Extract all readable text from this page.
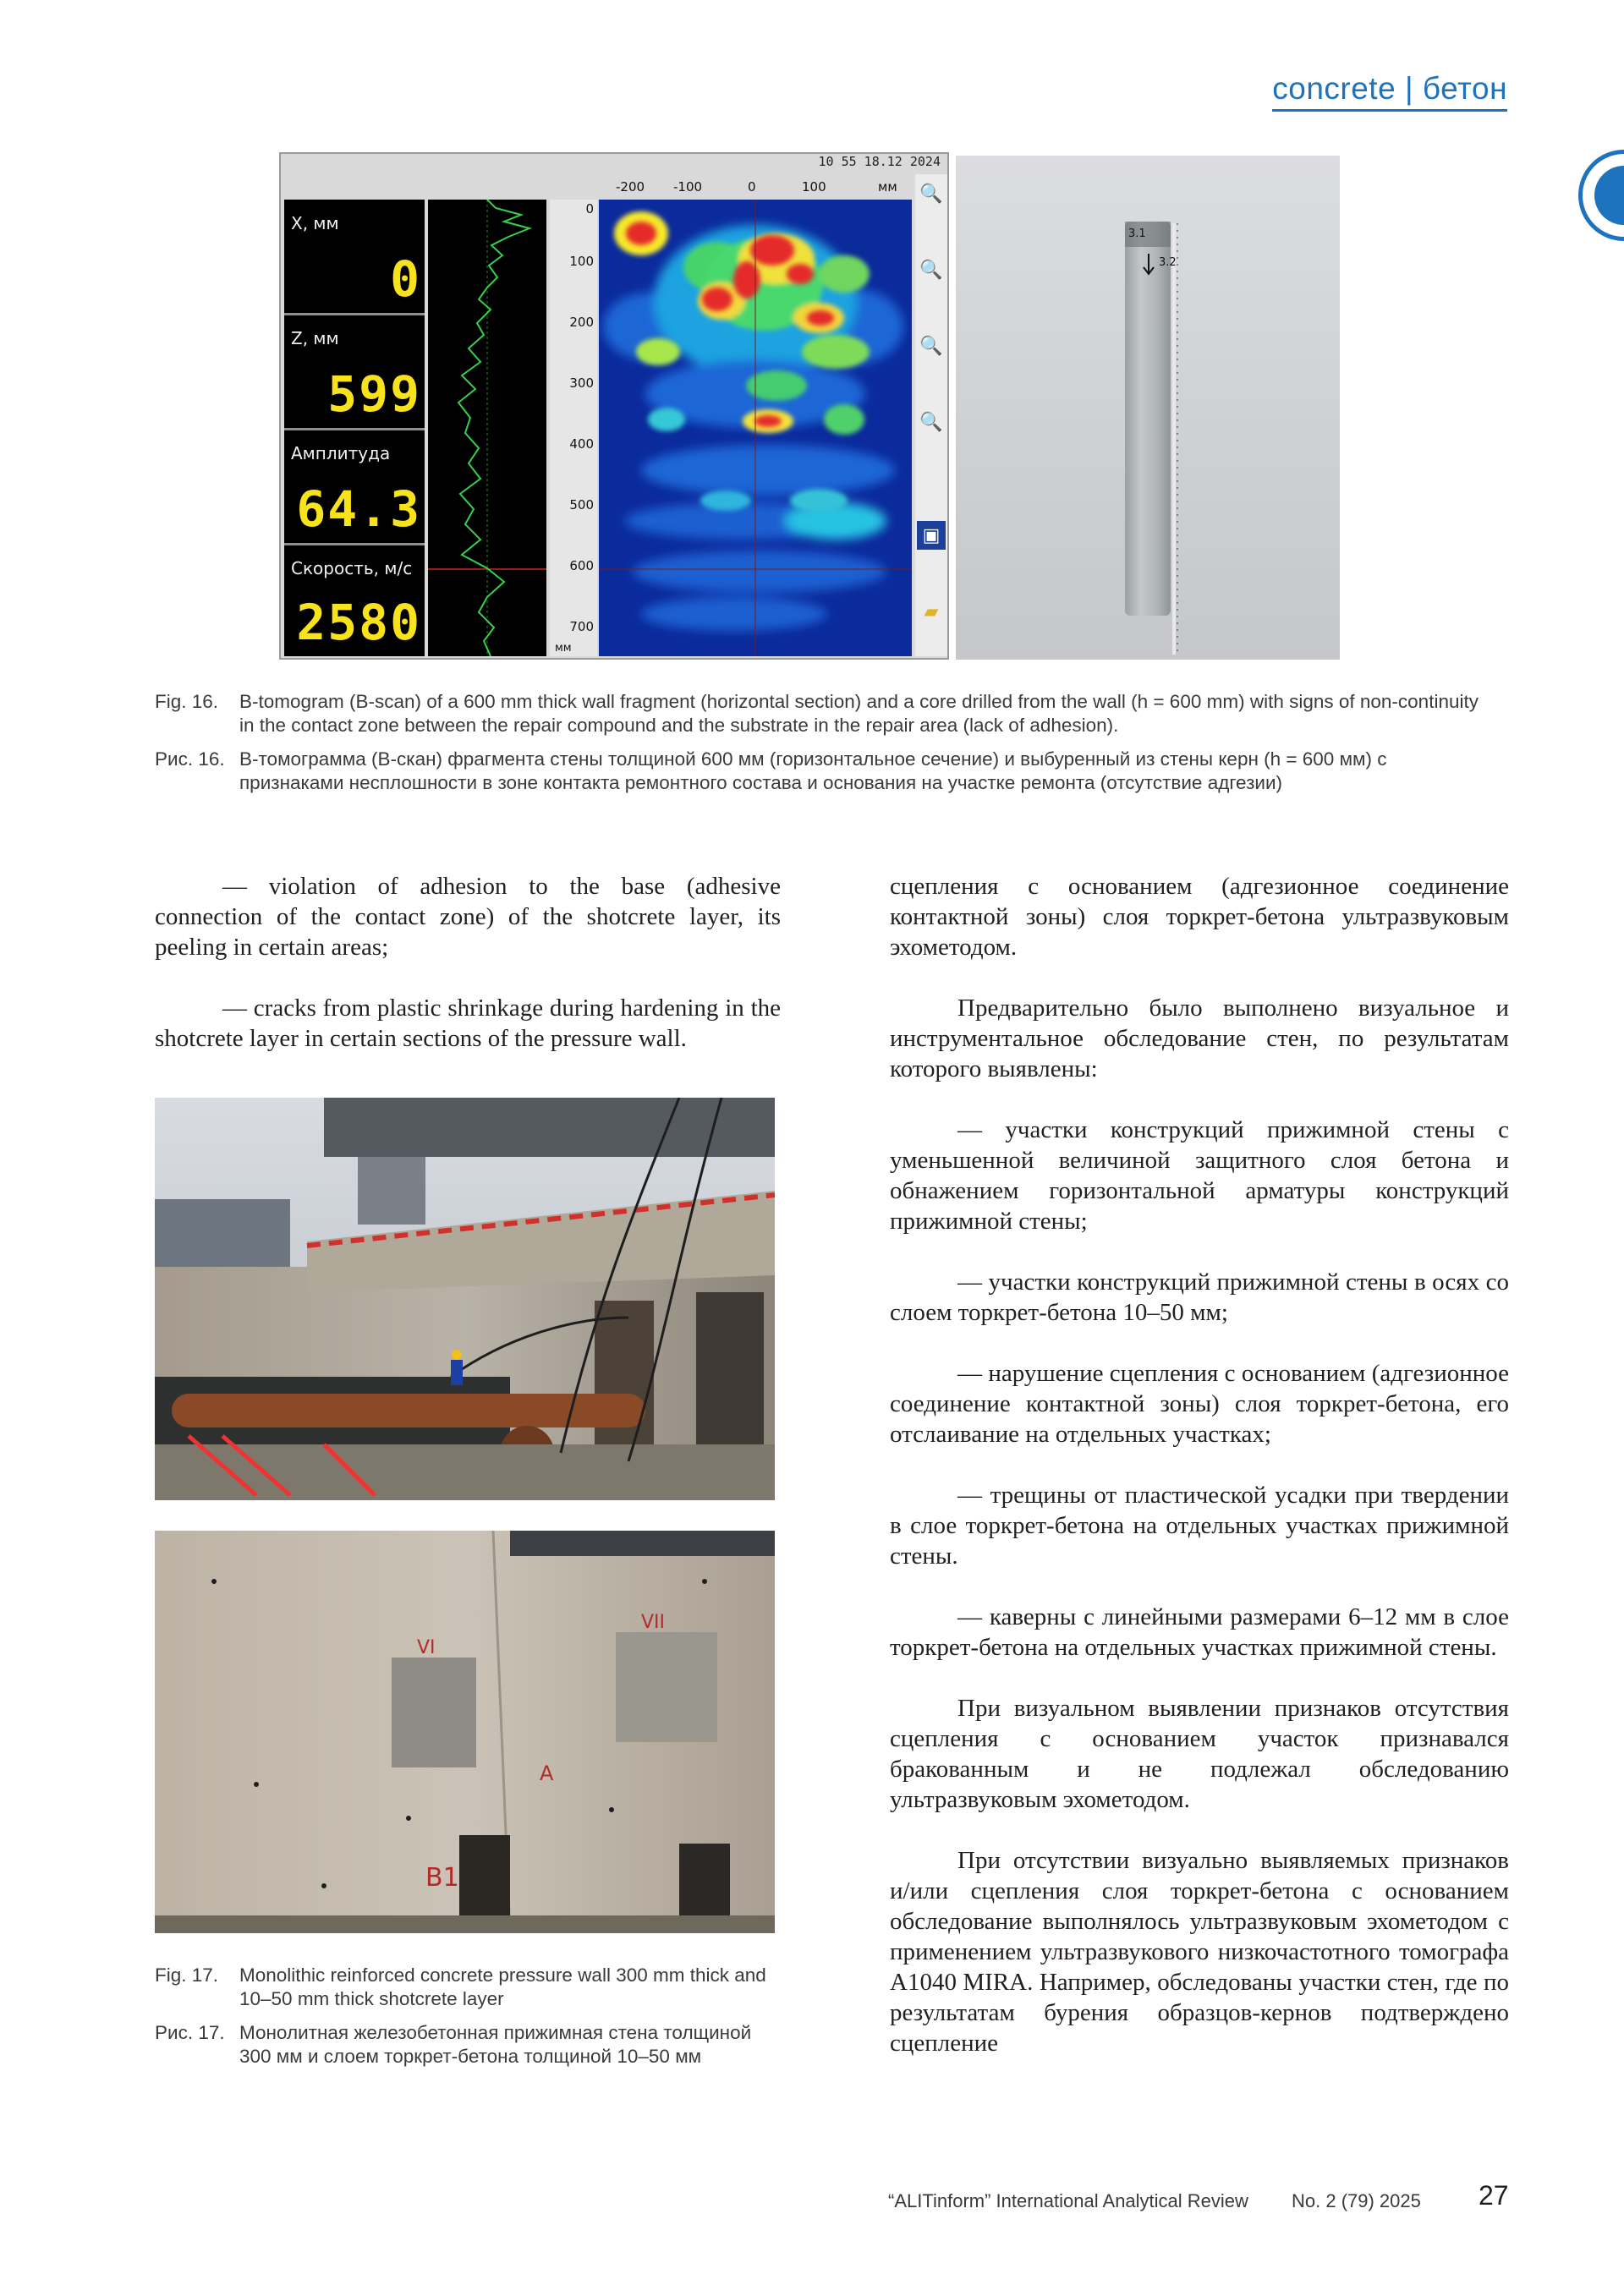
concrete | бетон
10 55 18.12 2024
X, мм
0
Z, мм
599
Амплитуда
64.3
Скорость, м/с
2580
0
100
200
300
400
500
600
700
мм
-200 -100	0	100	мм 🔍
🔍
🔍
🔍
▣
▰
3.1
3.2
Fig. 16.	B-tomogram (B-scan) of a 600 mm thick wall fragment (horizontal section) and a core drilled from the wall (h = 600 mm) with signs of non-continuity in the contact zone between the repair compound and the substrate in the repair area (lack of adhesion).
Рис. 16. В-томограмма (В-скан) фрагмента стены толщиной 600 мм (горизонтальное сечение) и выбуренный из стены керн (h = 600 мм) с признаками несплошности в зоне контакта ремонтного состава и основания на участке ремонта (отсутствие адгезии)

— violation of adhesion to the base (adhesive connection of the contact zone) of the shotcrete layer, its peeling in certain areas;

— cracks from plastic shrinkage during hardening in the shotcrete layer in certain sections of the pressure wall.

VI
VII
A
B1
Fig. 17.	Monolithic reinforced concrete pressure wall 300 mm thick and 10–50 mm thick shotcrete layer
Рис. 17. Монолитная железобетонная прижимная стена толщиной 300 мм и слоем торкрет-бетона толщиной 10–50 мм

сцепления с основанием (адгезионное соединение контактной зоны) слоя торкрет-бетона ультразвуковым эхометодом.

Предварительно было выполнено визуальное и инструментальное обследование стен, по результатам которого выявлены:

— участки конструкций прижимной стены с уменьшенной величиной защитного слоя бетона и обнажением горизонтальной арматуры конструкций прижимной стены;

— участки конструкций прижимной стены в осях со слоем торкрет-бетона 10–50 мм;

— нарушение сцепления с основанием (адгезионное соединение контактной зоны) слоя торкрет-бетона, его отслаивание на отдельных участках;

— трещины от пластической усадки при твердении в слое торкрет-бетона на отдельных участках прижимной стены.

— каверны с линейными размерами 6–12 мм в слое торкрет-бетона на отдельных участках прижимной стены.

При визуальном выявлении признаков отсутствия сцепления с основанием участок признавался бракованным и не подлежал обследованию ультразвуковым эхометодом.

При отсутствии визуально выявляемых признаков и/или сцепления слоя торкрет-бетона с основанием обследование выполнялось ультразвуковым эхометодом с применением ультразвукового низкочастотного томографа А1040 MIRA. Например, обследованы участки стен, где по результатам бурения образцов-кернов подтверждено сцепление

“ALITinform” International Analytical Review No. 2 (79) 2025 27
